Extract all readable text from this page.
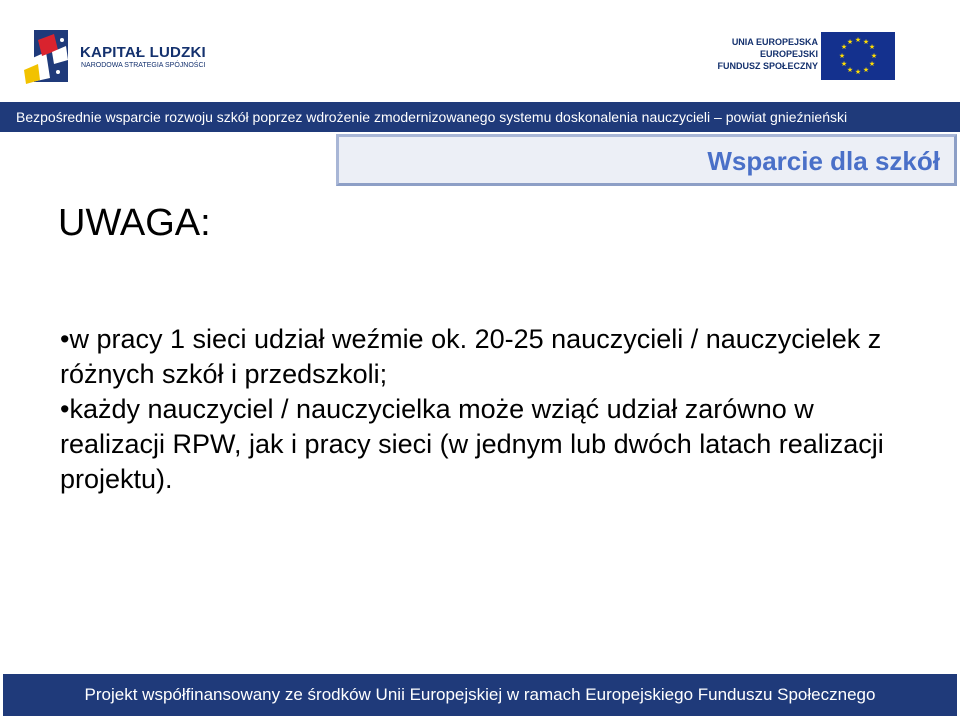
KAPITAŁ LUDZKI
NARODOWA STRATEGIA SPÓJNOŚCI
UNIA EUROPEJSKA
EUROPEJSKI
FUNDUSZ SPOŁECZNY
★ ★
★
★
★
★
★
★
★
★
★
★
Bezpośrednie wsparcie rozwoju szkół poprzez wdrożenie zmodernizowanego systemu doskonalenia nauczycieli – powiat gnieźnieński
Wsparcie dla szkół
UWAGA:

•w pracy 1 sieci udział weźmie ok. 20-25 nauczycieli / nauczycielek z różnych szkół i przedszkoli;

•każdy nauczyciel / nauczycielka może wziąć udział zarówno w realizacji RPW, jak i pracy sieci (w jednym lub dwóch latach realizacji projektu).

Projekt współfinansowany ze środków Unii Europejskiej w ramach Europejskiego Funduszu Społecznego
